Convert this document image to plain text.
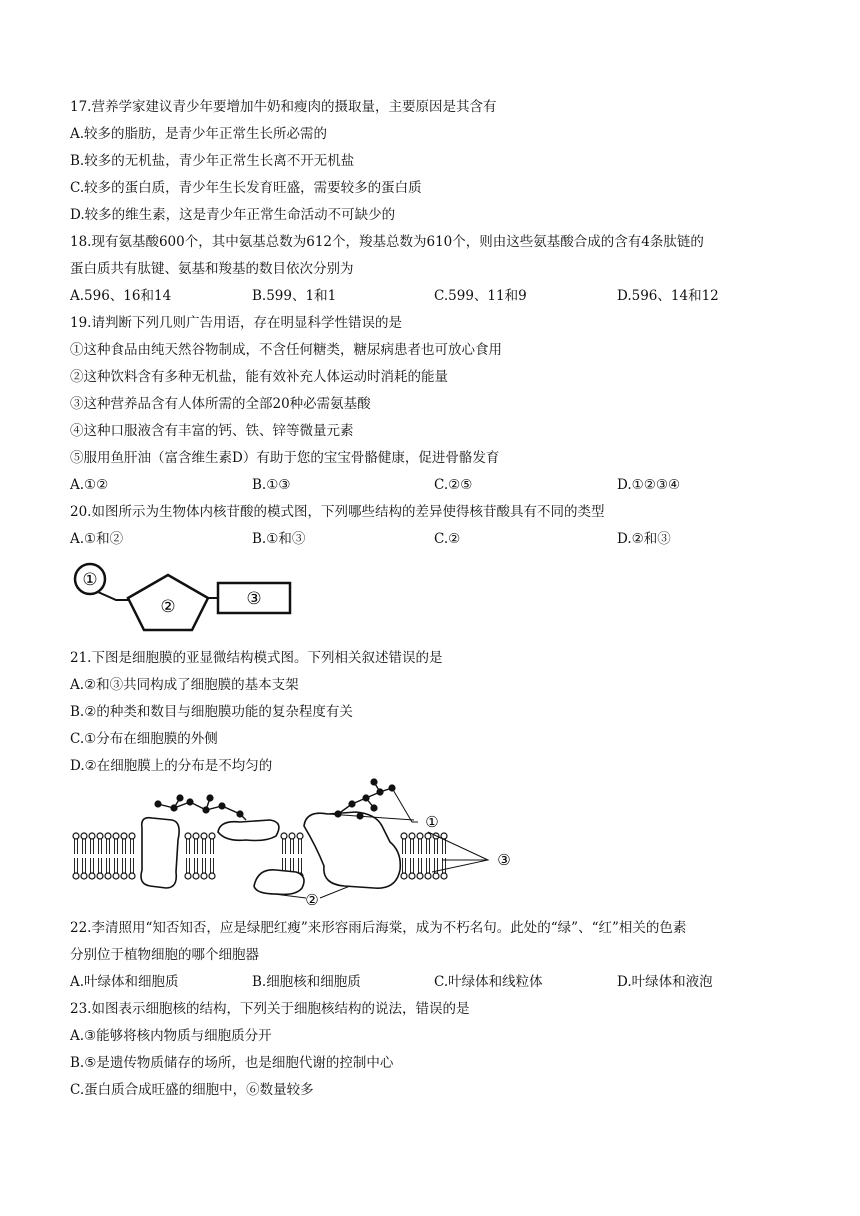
17.营养学家建议青少年要增加牛奶和瘦肉的摄取量，主要原因是其含有
A.较多的脂肪，是青少年正常生长所必需的
B.较多的无机盐，青少年正常生长离不开无机盐
C.较多的蛋白质，青少年生长发育旺盛，需要较多的蛋白质
D.较多的维生素，这是青少年正常生命活动不可缺少的
18.现有氨基酸600个，其中氨基总数为612个，羧基总数为610个，则由这些氨基酸合成的含有4条肽链的
蛋白质共有肽键、氨基和羧基的数目依次分别为
A.596、16和14	B.599、1和1	C.599、11和9	D.596、14和12
19.请判断下列几则广告用语，存在明显科学性错误的是
①这种食品由纯天然谷物制成，不含任何糖类，糖尿病患者也可放心食用
②这种饮料含有多种无机盐，能有效补充人体运动时消耗的能量
③这种营养品含有人体所需的全部20种必需氨基酸
④这种口服液含有丰富的钙、铁、锌等微量元素
⑤服用鱼肝油（富含维生素D）有助于您的宝宝骨骼健康，促进骨骼发育
A.①②	B.①③	C.②⑤	D.①②③④
20.如图所示为生物体内核苷酸的模式图，下列哪些结构的差异使得核苷酸具有不同的类型
A.①和②	B.①和③	C.②	D.②和③
①
②	③
21.下图是细胞膜的亚显微结构模式图。下列相关叙述错误的是
A.②和③共同构成了细胞膜的基本支架
B.②的种类和数目与细胞膜功能的复杂程度有关
C.①分布在细胞膜的外侧
D.②在细胞膜上的分布是不均匀的
①
②
③
22.李清照用“知否知否，应是绿肥红瘦”来形容雨后海棠，成为不朽名句。此处的“绿”、“红”相关的色素
分别位于植物细胞的哪个细胞器
A.叶绿体和细胞质	B.细胞核和细胞质	C.叶绿体和线粒体	D.叶绿体和液泡
23.如图表示细胞核的结构，下列关于细胞核结构的说法，错误的是
A.③能够将核内物质与细胞质分开
B.⑤是遗传物质储存的场所，也是细胞代谢的控制中心
C.蛋白质合成旺盛的细胞中，⑥数量较多
